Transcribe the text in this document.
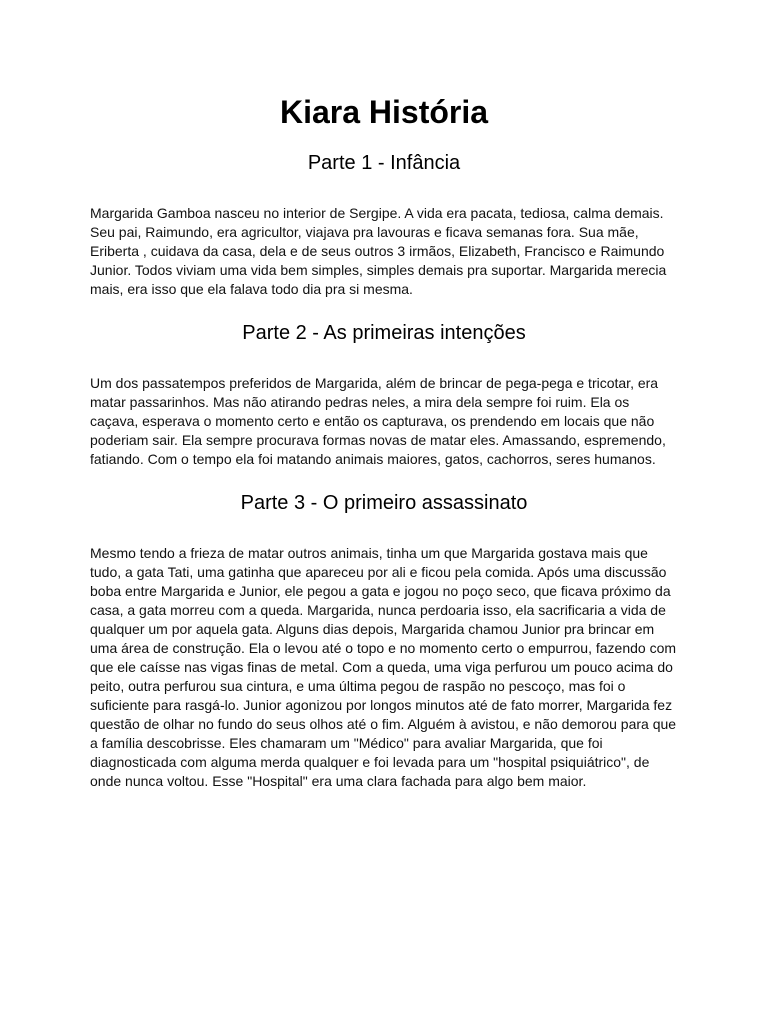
Kiara História
Parte 1 - Infância

Margarida Gamboa nasceu no interior de Sergipe. A vida era pacata, tediosa, calma demais. Seu pai, Raimundo, era agricultor, viajava pra lavouras e ficava semanas fora. Sua mãe, Eriberta , cuidava da casa, dela e de seus outros 3 irmãos, Elizabeth, Francisco e Raimundo Junior. Todos viviam uma vida bem simples, simples demais pra suportar. Margarida merecia mais, era isso que ela falava todo dia pra si mesma.

Parte 2 - As primeiras intenções

Um dos passatempos preferidos de Margarida, além de brincar de pega-pega e tricotar, era matar passarinhos. Mas não atirando pedras neles, a mira dela sempre foi ruim. Ela os caçava, esperava o momento certo e então os capturava, os prendendo em locais que não poderiam sair. Ela sempre procurava formas novas de matar eles. Amassando, espremendo, fatiando. Com o tempo ela foi matando animais maiores, gatos, cachorros, seres humanos.

Parte 3 - O primeiro assassinato

Mesmo tendo a frieza de matar outros animais, tinha um que Margarida gostava mais que tudo, a gata Tati, uma gatinha que apareceu por ali e ficou pela comida. Após uma discussão boba entre Margarida e Junior, ele pegou a gata e jogou no poço seco, que ficava próximo da casa, a gata morreu com a queda. Margarida, nunca perdoaria isso, ela sacrificaria a vida de qualquer um por aquela gata. Alguns dias depois, Margarida chamou Junior pra brincar em uma área de construção. Ela o levou até o topo e no momento certo o empurrou, fazendo com que ele caísse nas vigas finas de metal. Com a queda, uma viga perfurou um pouco acima do peito, outra perfurou sua cintura, e uma última pegou de raspão no pescoço, mas foi o suficiente para rasgá-lo. Junior agonizou por longos minutos até de fato morrer, Margarida fez questão de olhar no fundo do seus olhos até o fim. Alguém à avistou, e não demorou para que a família descobrisse. Eles chamaram um "Médico" para avaliar Margarida, que foi diagnosticada com alguma merda qualquer e foi levada para um "hospital psiquiátrico", de onde nunca voltou. Esse "Hospital" era uma clara fachada para algo bem maior.
